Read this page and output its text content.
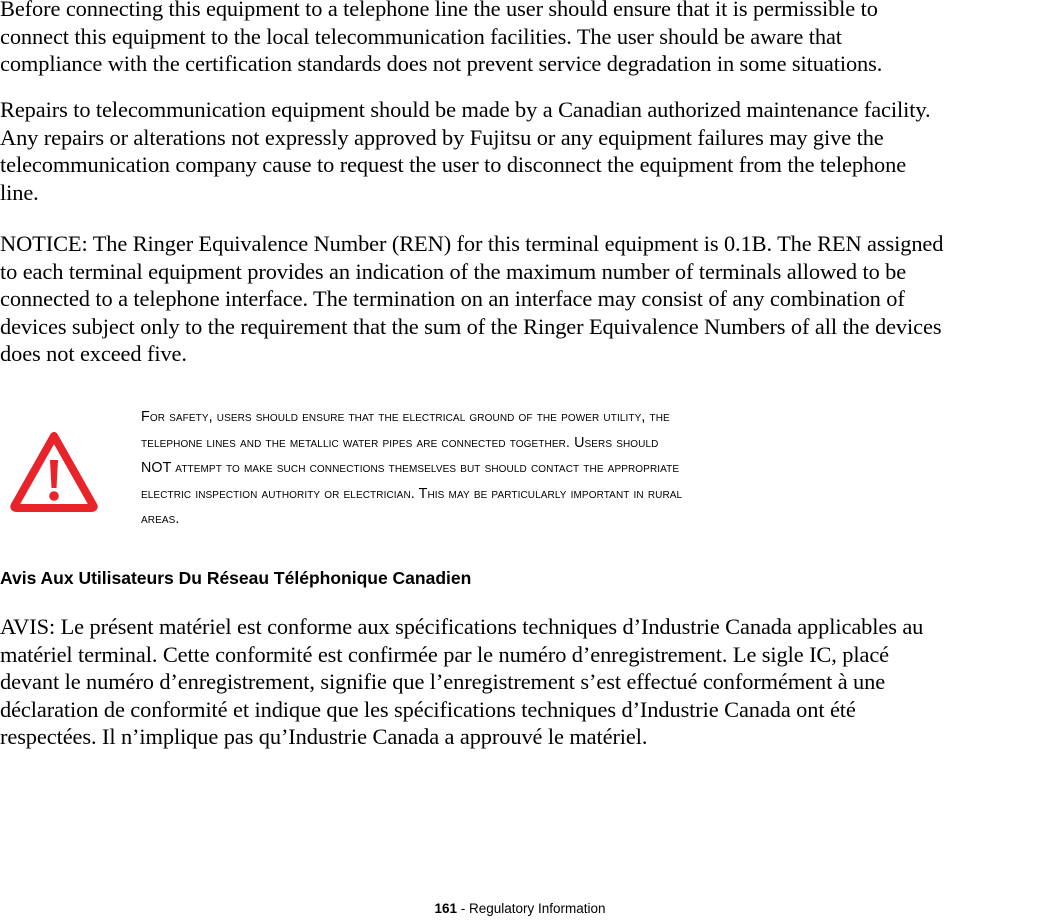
Before connecting this equipment to a telephone line the user should ensure that it is permissible to
connect this equipment to the local telecommunication facilities. The user should be aware that
compliance with the certification standards does not prevent service degradation in some situations.

Repairs to telecommunication equipment should be made by a Canadian authorized maintenance facility.
Any repairs or alterations not expressly approved by Fujitsu or any equipment failures may give the
telecommunication company cause to request the user to disconnect the equipment from the telephone
line.

NOTICE: The Ringer Equivalence Number (REN) for this terminal equipment is 0.1B. The REN assigned
to each terminal equipment provides an indication of the maximum number of terminals allowed to be
connected to a telephone interface. The termination on an interface may consist of any combination of
devices subject only to the requirement that the sum of the Ringer Equivalence Numbers of all the devices
does not exceed five.

For safety, users should ensure that the electrical ground of the power utility, the
telephone lines and the metallic water pipes are connected together. Users should
NOT attempt to make such connections themselves but should contact the appropriate
electric inspection authority or electrician. This may be particularly important in rural
areas.

Avis Aux Utilisateurs Du Réseau Téléphonique Canadien

AVIS: Le présent matériel est conforme aux spécifications techniques d’Industrie Canada applicables au
matériel terminal. Cette conformité est confirmée par le numéro d’enregistrement. Le sigle IC, placé
devant le numéro d’enregistrement, signifie que l’enregistrement s’est effectué conformément à une
déclaration de conformité et indique que les spécifications techniques d’Industrie Canada ont été
respectées. Il n’implique pas qu’Industrie Canada a approuvé le matériel.

161 - Regulatory Information
